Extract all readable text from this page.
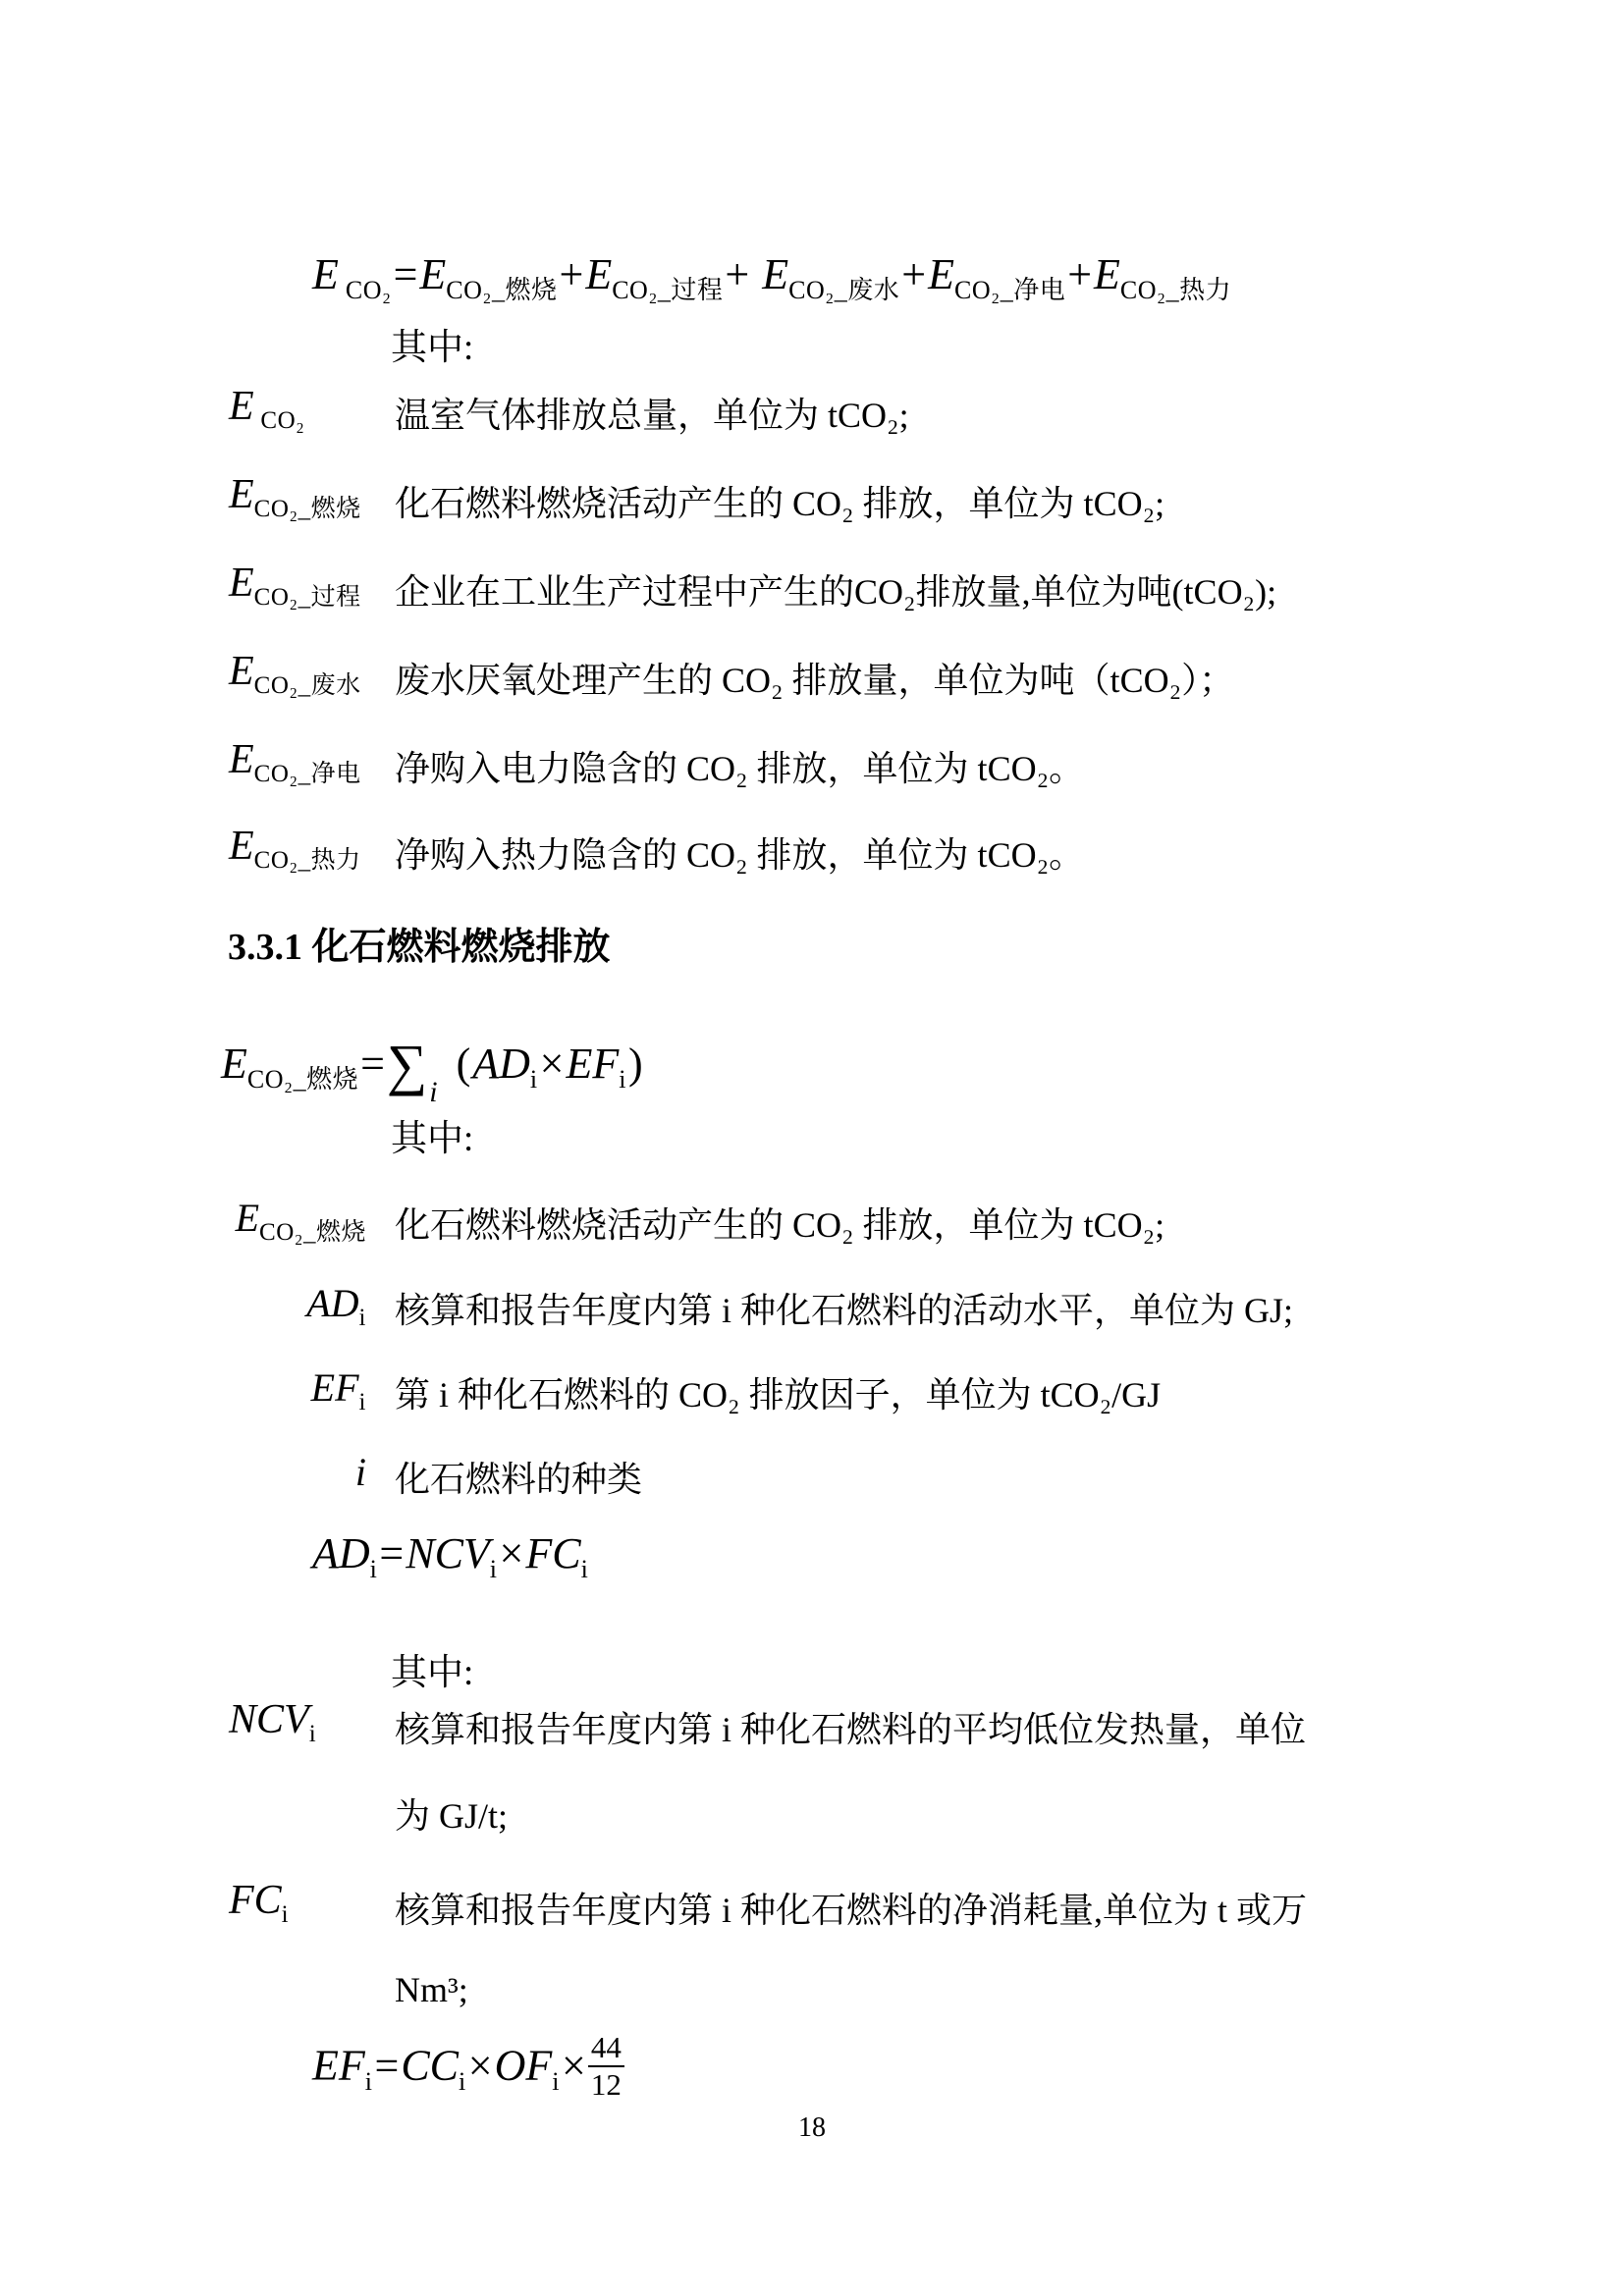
E $_{CO_2}=E_{CO_2\_燃烧}+E_{CO_2\_过程}+ E_{CO_2\_废水}+E_{CO_2\_净电}+E_{CO_2\_热力}$
其中:
E $_{CO_2}$	温室气体排放总量，单位为 tCO₂;
$E_{CO_2\_燃烧}$ 化石燃料燃烧活动产生的 CO₂ 排放，单位为 tCO₂;
$E_{CO_2\_过程}$ 企业在工业生产过程中产生的CO₂排放量,单位为吨(tCO₂);
$E_{CO_2\_废水}$ 废水厌氧处理产生的 CO₂ 排放量，单位为吨（tCO₂）；
$E_{CO_2\_净电}$ 净购入电力隐含的 CO₂ 排放，单位为 tCO₂。
$E_{CO_2\_热力}$ 净购入热力隐含的 CO₂ 排放，单位为 tCO₂。
3.3.1 化石燃料燃烧排放
$E_{CO_2\_燃烧}=\sum_i$ $(AD_i\times EF_i)$
其中:
$E_{CO_2\_燃烧}$ 化石燃料燃烧活动产生的 CO₂ 排放，单位为 tCO₂;
$AD_i$ 核算和报告年度内第 i 种化石燃料的活动水平，单位为 GJ;
$EF_i$ 第 i 种化石燃料的 CO₂ 排放因子，单位为 tCO₂/GJ
i 化石燃料的种类
$AD_i=NCV_i\times FC_i$
其中:
$NCV_i$ 核算和报告年度内第 i 种化石燃料的平均低位发热量，单位
为 GJ/t;
$FC_i$	核算和报告年度内第 i 种化石燃料的净消耗量,单位为 t 或万
Nm³;
$EF_i=CC_i\times OF_i\times \frac{44}{12}$
18
